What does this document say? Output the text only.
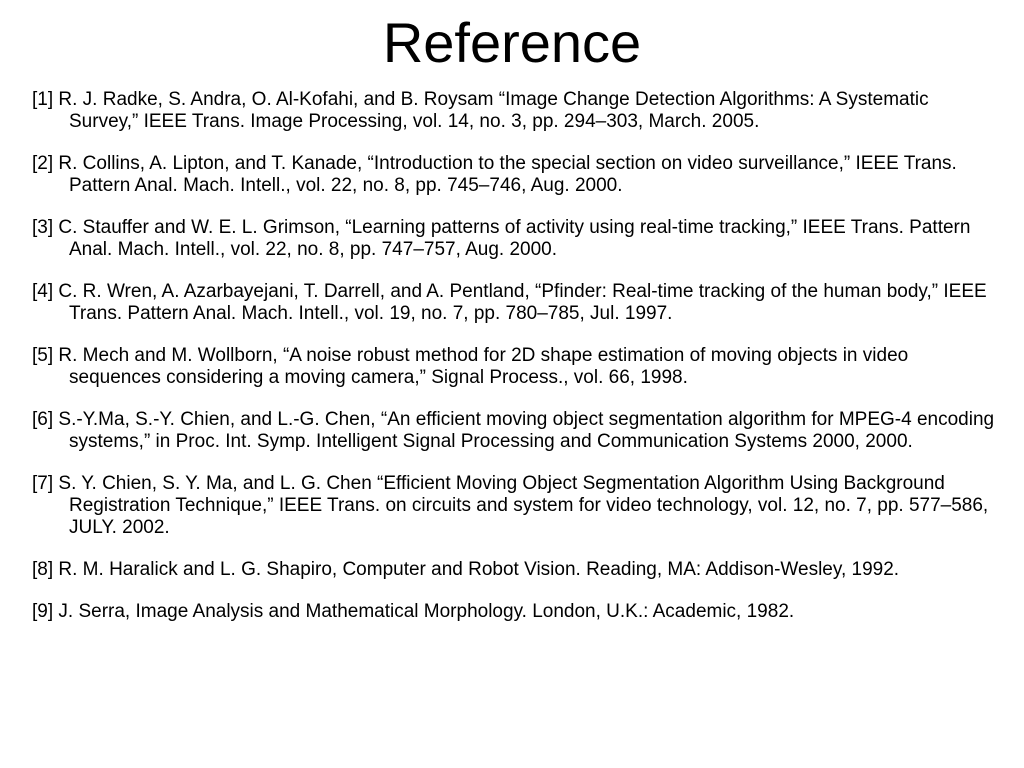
Reference
[1] R. J. Radke, S. Andra, O. Al-Kofahi, and B. Roysam “Image Change Detection Algorithms: A Systematic Survey,” IEEE Trans. Image Processing, vol. 14, no. 3, pp. 294–303, March. 2005.
[2] R. Collins, A. Lipton, and T. Kanade, “Introduction to the special section on video surveillance,” IEEE Trans. Pattern Anal. Mach. Intell., vol. 22, no. 8, pp. 745–746, Aug. 2000.
[3] C. Stauffer and W. E. L. Grimson, “Learning patterns of activity using real-time tracking,” IEEE Trans. Pattern Anal. Mach. Intell., vol. 22, no. 8, pp. 747–757, Aug. 2000.
[4] C. R. Wren, A. Azarbayejani, T. Darrell, and A. Pentland, “Pfinder: Real-time tracking of the human body,” IEEE Trans. Pattern Anal. Mach. Intell., vol. 19, no. 7, pp. 780–785, Jul. 1997.
[5] R. Mech and M. Wollborn, “A noise robust method for 2D shape estimation of moving objects in video sequences considering a moving camera,” Signal Process., vol. 66, 1998.
[6] S.-Y.Ma, S.-Y. Chien, and L.-G. Chen, “An efficient moving object segmentation algorithm for MPEG-4 encoding systems,” in Proc. Int. Symp. Intelligent Signal Processing and Communication Systems 2000, 2000.
[7] S. Y. Chien, S. Y. Ma, and L. G. Chen “Efficient Moving Object Segmentation Algorithm Using Background Registration Technique,” IEEE Trans. on circuits and system for video technology, vol. 12, no. 7, pp. 577–586, JULY. 2002.
[8] R. M. Haralick and L. G. Shapiro, Computer and Robot Vision. Reading, MA: Addison-Wesley, 1992.
[9] J. Serra, Image Analysis and Mathematical Morphology. London, U.K.: Academic, 1982.
